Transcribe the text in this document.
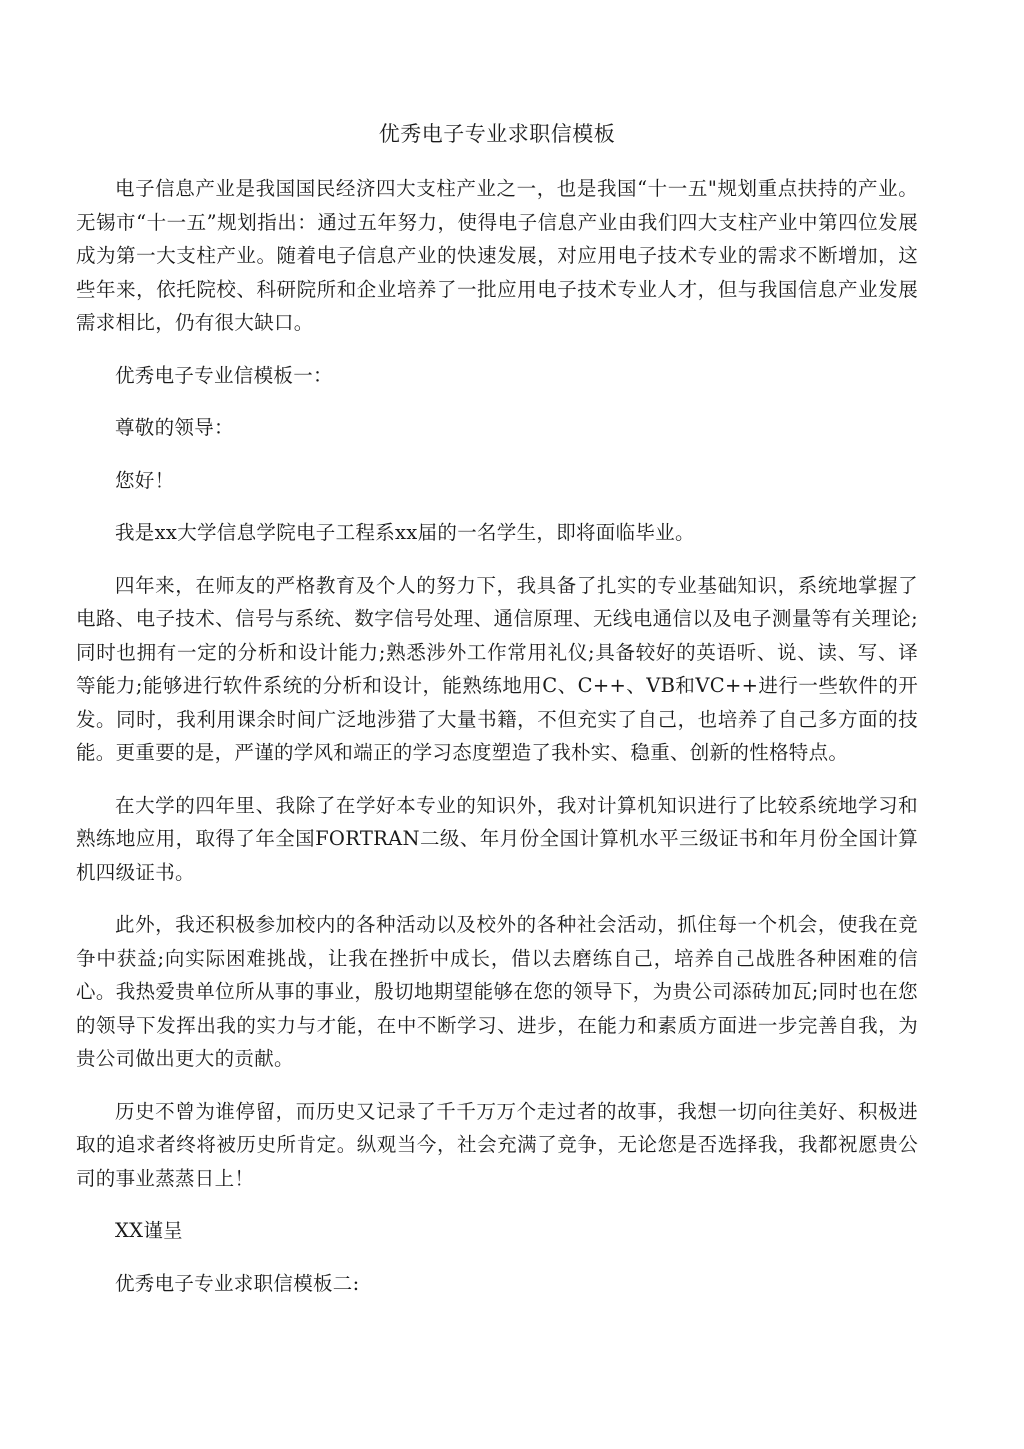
优秀电子专业求职信模板

电子信息产业是我国国民经济四大支柱产业之一，也是我国“十一五"规划重点扶持的产业。无锡市“十一五”规划指出：通过五年努力，使得电子信息产业由我们四大支柱产业中第四位发展成为第一大支柱产业。随着电子信息产业的快速发展，对应用电子技术专业的需求不断增加，这些年来，依托院校、科研院所和企业培养了一批应用电子技术专业人才，但与我国信息产业发展需求相比，仍有很大缺口。

优秀电子专业信模板一：

尊敬的领导：

您好！

我是xx大学信息学院电子工程系xx届的一名学生，即将面临毕业。

四年来，在师友的严格教育及个人的努力下，我具备了扎实的专业基础知识，系统地掌握了电路、电子技术、信号与系统、数字信号处理、通信原理、无线电通信以及电子测量等有关理论;同时也拥有一定的分析和设计能力;熟悉涉外工作常用礼仪;具备较好的英语听、说、读、写、译等能力;能够进行软件系统的分析和设计，能熟练地用C、C++、VB和VC++进行一些软件的开发。同时，我利用课余时间广泛地涉猎了大量书籍，不但充实了自己，也培养了自己多方面的技能。更重要的是，严谨的学风和端正的学习态度塑造了我朴实、稳重、创新的性格特点。

在大学的四年里、我除了在学好本专业的知识外，我对计算机知识进行了比较系统地学习和熟练地应用，取得了年全国FORTRAN二级、年月份全国计算机水平三级证书和年月份全国计算机四级证书。

此外，我还积极参加校内的各种活动以及校外的各种社会活动，抓住每一个机会，使我在竞争中获益;向实际困难挑战，让我在挫折中成长，借以去磨练自己，培养自己战胜各种困难的信心。我热爱贵单位所从事的事业，殷切地期望能够在您的领导下，为贵公司添砖加瓦;同时也在您的领导下发挥出我的实力与才能，在中不断学习、进步，在能力和素质方面进一步完善自我，为贵公司做出更大的贡献。

历史不曾为谁停留，而历史又记录了千千万万个走过者的故事，我想一切向往美好、积极进取的追求者终将被历史所肯定。纵观当今，社会充满了竞争，无论您是否选择我，我都祝愿贵公司的事业蒸蒸日上！

XX谨呈

优秀电子专业求职信模板二:
